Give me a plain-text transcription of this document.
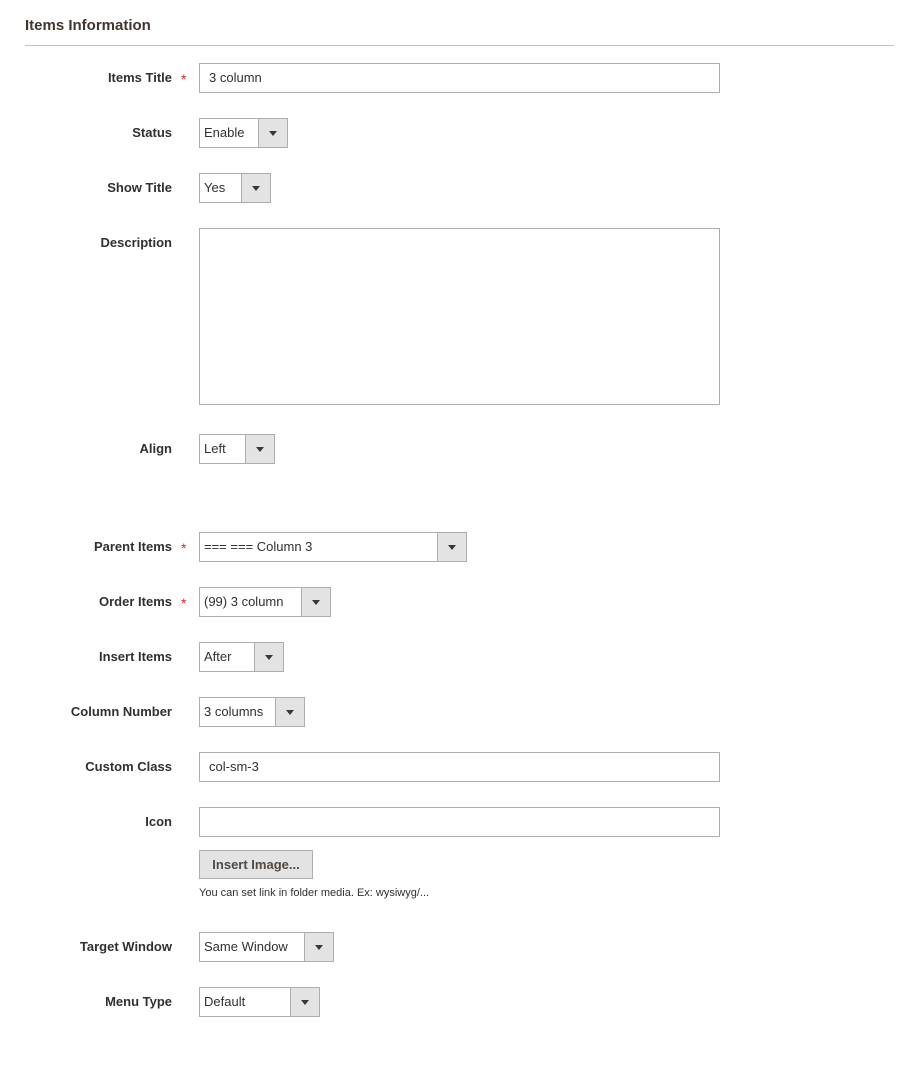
Items Information
Items Title *	3 column
Status Enable
Show Title Yes
Description
Align Left
Parent Items * === === Column 3
Order Items * (99) 3 column
Insert Items After
Column Number 3 columns
Custom Class	col-sm-3
Icon
Insert Image...
You can set link in folder media. Ex: wysiwyg/...
Target Window Same Window
Menu Type Default
